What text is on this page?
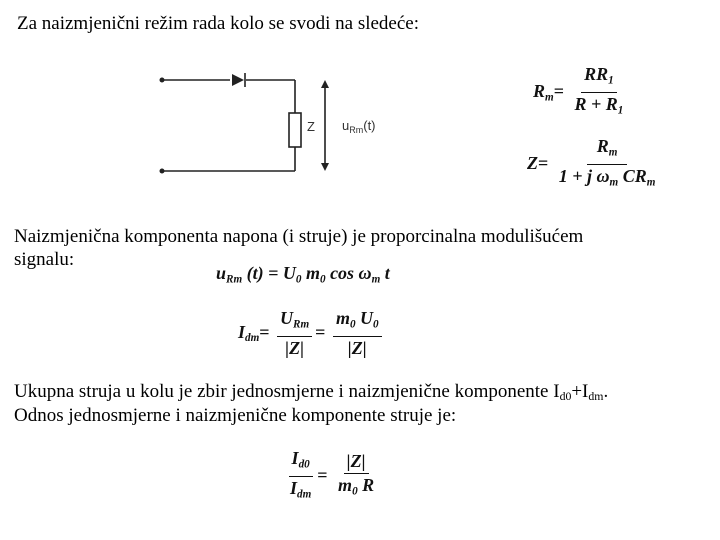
Za naizmjenični režim rada kolo se svodi na sledeće:
Z $u_{Rm}(t)$
$R_m= \frac{RR_1}{R + R_1}$
$Z= \frac{R_m}{1 + j \omega_m CR_m}$
Naizmjenična komponenta napona (i struje) je proporcinalna modulišućem
signalu:
$u_{Rm}$ $(t) = U_0$ $m_0$ $\cos \omega_m$ t
$I_{dm}= \frac{U_{Rm}}{|Z|} = \frac{m_0 U_0}{|Z|}$
Ukupna struja u kolu je zbir jednosmjerne i naizmjenične komponente Id0+Idm.
Odnos jednosmjerne i naizmjenične komponente struje je:
$\frac{I_{d0}}{I_{dm}} = \frac{|Z|}{m_0 R}$
